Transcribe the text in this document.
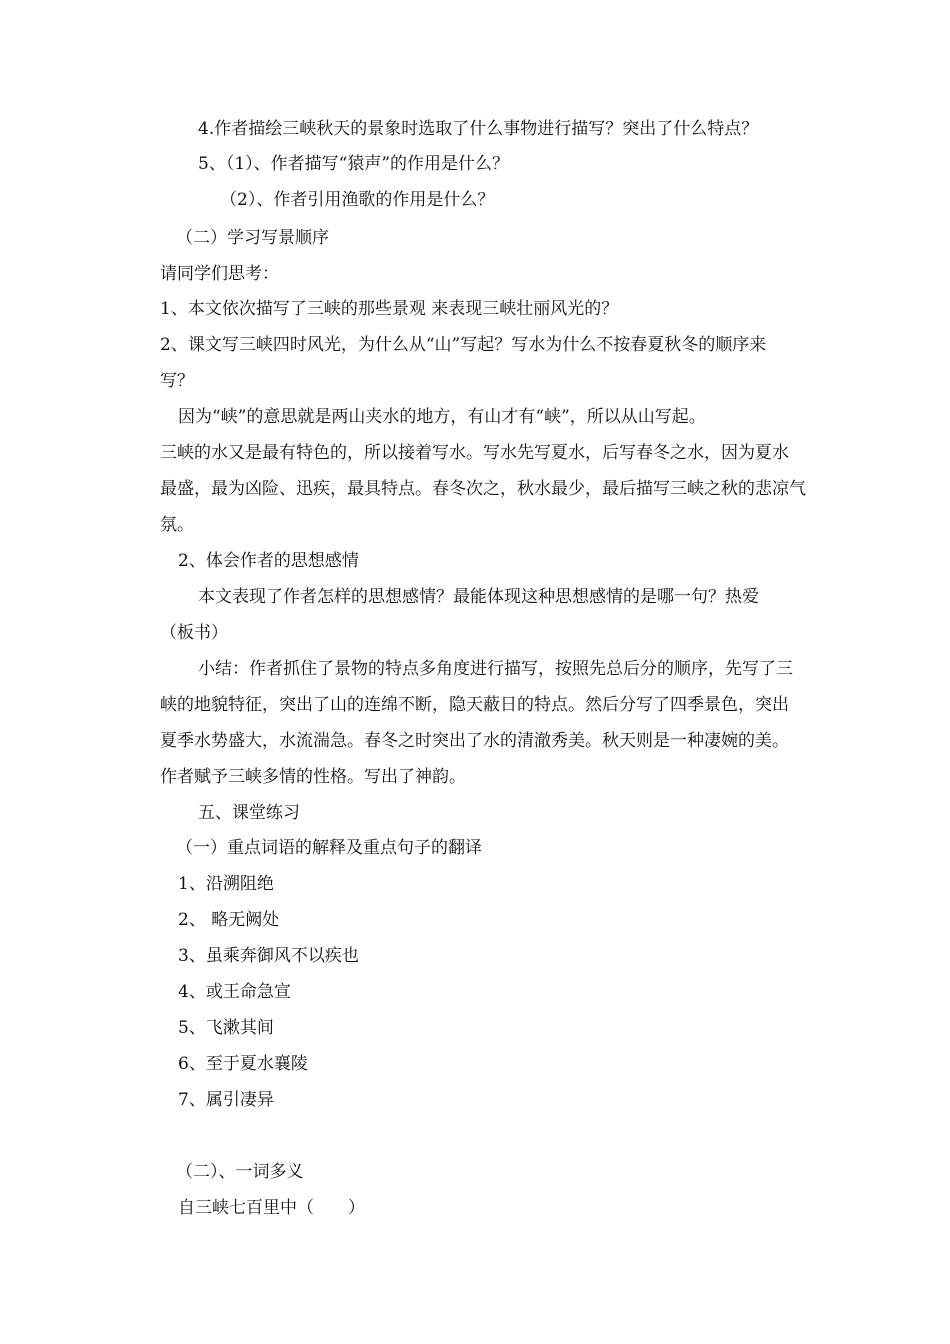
4.作者描绘三峡秋天的景象时选取了什么事物进行描写？突出了什么特点？
5、（1）、作者描写“猿声”的作用是什么？
（2）、作者引用渔歌的作用是什么？
（二）学习写景顺序
请同学们思考：
1、本文依次描写了三峡的那些景观 来表现三峡壮丽风光的？
2、课文写三峡四时风光，为什么从“山”写起？写水为什么不按春夏秋冬的顺序来
写？
因为“峡”的意思就是两山夹水的地方，有山才有“峡”，所以从山写起。
三峡的水又是最有特色的，所以接着写水。写水先写夏水，后写春冬之水，因为夏水
最盛，最为凶险、迅疾，最具特点。春冬次之，秋水最少，最后描写三峡之秋的悲凉气
氛。
2、体会作者的思想感情
本文表现了作者怎样的思想感情？最能体现这种思想感情的是哪一句？热爱
（板书）
小结：作者抓住了景物的特点多角度进行描写，按照先总后分的顺序，先写了三
峡的地貌特征，突出了山的连绵不断，隐天蔽日的特点。然后分写了四季景色，突出
夏季水势盛大，水流湍急。春冬之时突出了水的清澈秀美。秋天则是一种凄婉的美。
作者赋予三峡多情的性格。写出了神韵。
五、课堂练习
（一）重点词语的解释及重点句子的翻译
1、沿溯阻绝
2、 略无阙处
3、虽乘奔御风不以疾也
4、或王命急宣
5、飞漱其间
6、至于夏水襄陵
7、属引凄异
（二）、一词多义
自三峡七百里中（　　）
